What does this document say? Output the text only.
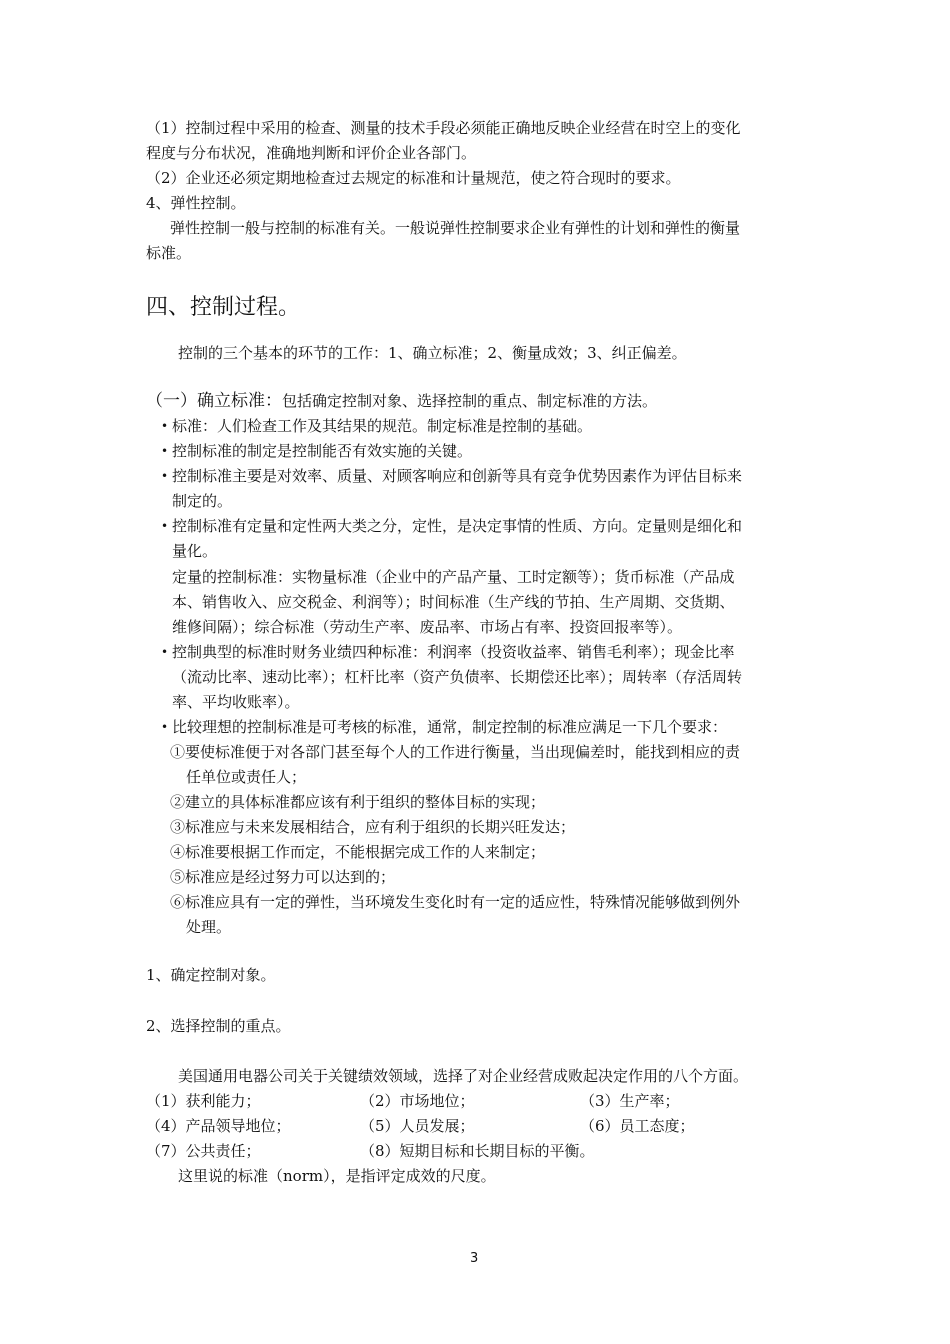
（1）控制过程中采用的检查、测量的技术手段必须能正确地反映企业经营在时空上的变化
程度与分布状况，准确地判断和评价企业各部门。
（2）企业还必须定期地检查过去规定的标准和计量规范，使之符合现时的要求。
4、弹性控制。
弹性控制一般与控制的标准有关。一般说弹性控制要求企业有弹性的计划和弹性的衡量
标准。
四、控制过程。
控制的三个基本的环节的工作：1、确立标准；2、衡量成效；3、纠正偏差。
（一）确立标准：包括确定控制对象、选择控制的重点、制定标准的方法。
• 标准：人们检查工作及其结果的规范。制定标准是控制的基础。
• 控制标准的制定是控制能否有效实施的关键。
• 控制标准主要是对效率、质量、对顾客响应和创新等具有竞争优势因素作为评估目标来
制定的。
• 控制标准有定量和定性两大类之分，定性，是决定事情的性质、方向。定量则是细化和
量化。
定量的控制标准：实物量标准（企业中的产品产量、工时定额等）；货币标准（产品成
本、销售收入、应交税金、利润等）；时间标准（生产线的节拍、生产周期、交货期、
维修间隔）；综合标准（劳动生产率、废品率、市场占有率、投资回报率等）。
• 控制典型的标准时财务业绩四种标准：利润率（投资收益率、销售毛利率）；现金比率
（流动比率、速动比率）；杠杆比率（资产负债率、长期偿还比率）；周转率（存活周转
率、平均收账率）。
• 比较理想的控制标准是可考核的标准，通常，制定控制的标准应满足一下几个要求：
①要使标准便于对各部门甚至每个人的工作进行衡量，当出现偏差时，能找到相应的责
任单位或责任人；
②建立的具体标准都应该有利于组织的整体目标的实现；
③标准应与未来发展相结合，应有利于组织的长期兴旺发达；
④标准要根据工作而定，不能根据完成工作的人来制定；
⑤标准应是经过努力可以达到的；
⑥标准应具有一定的弹性，当环境发生变化时有一定的适应性，特殊情况能够做到例外
处理。
1、确定控制对象。
2、选择控制的重点。
美国通用电器公司关于关键绩效领域，选择了对企业经营成败起决定作用的八个方面。
（1）获利能力；	（2）市场地位；	（3）生产率；
（4）产品领导地位；	（5）人员发展；	（6）员工态度；
（7）公共责任；	（8）短期目标和长期目标的平衡。
这里说的标准（norm），是指评定成效的尺度。
3
